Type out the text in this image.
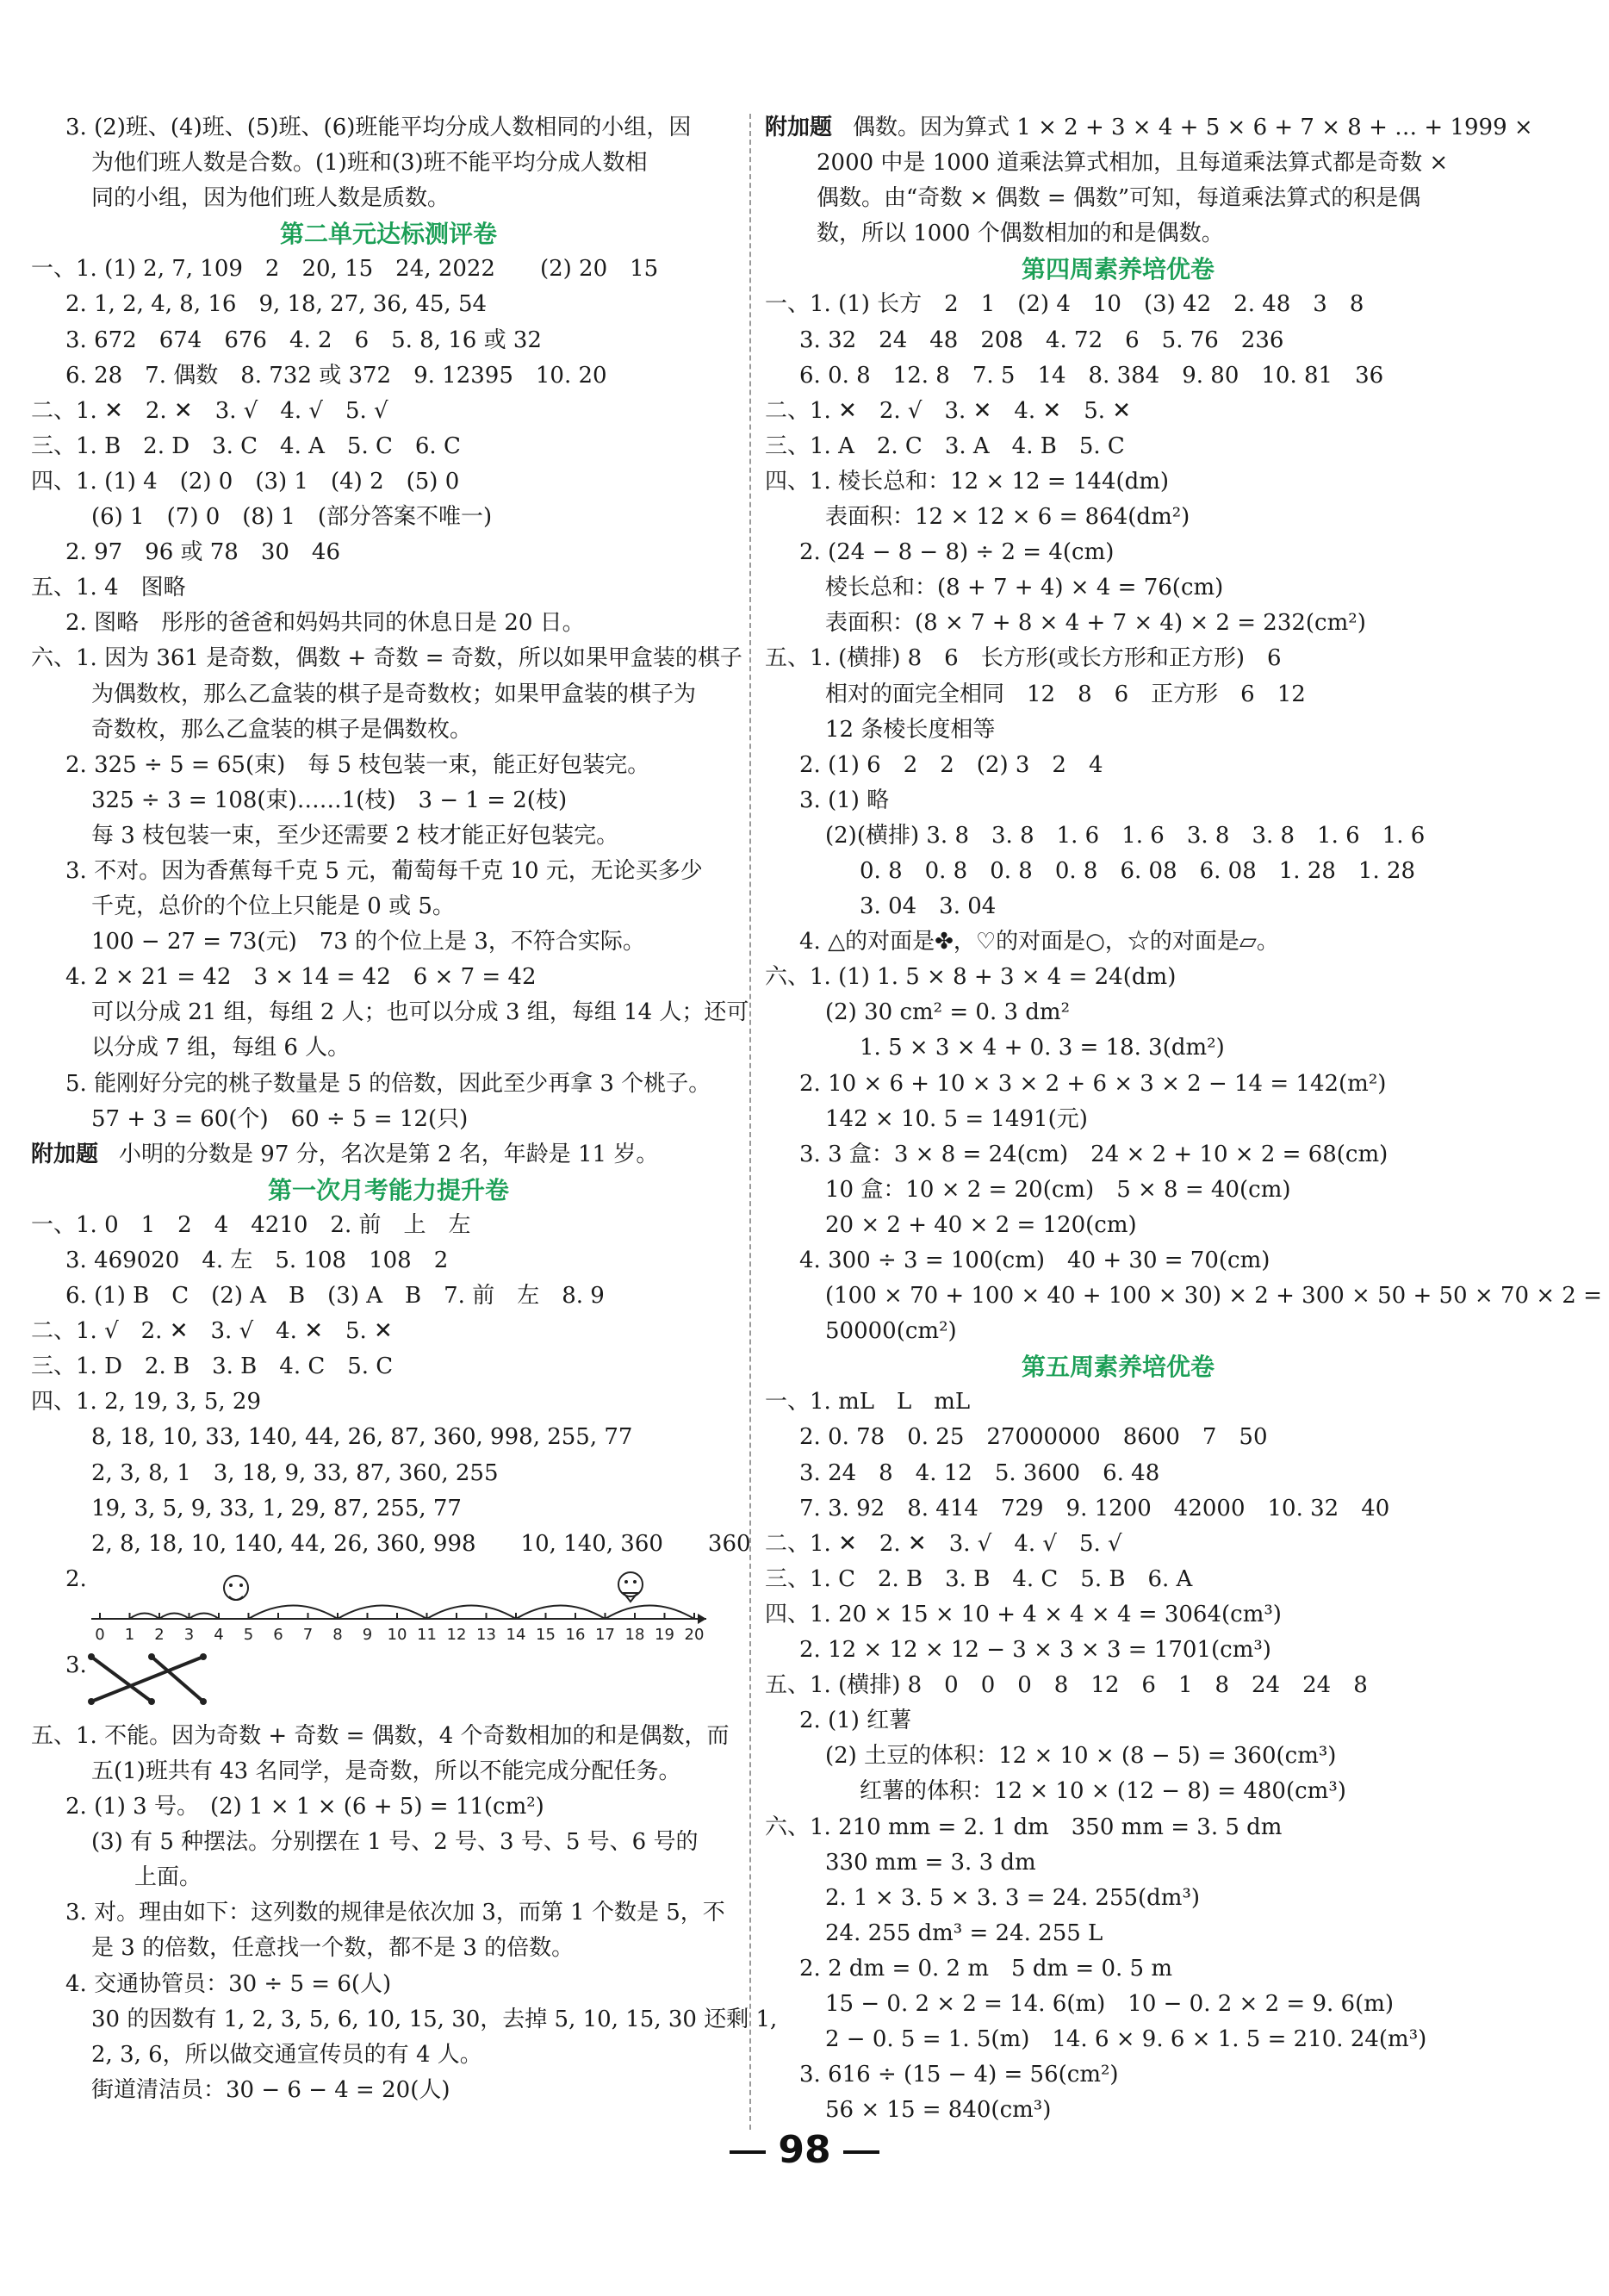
3. (2)班、(4)班、(5)班、(6)班能平均分成人数相同的小组，因
为他们班人数是合数。(1)班和(3)班不能平均分成人数相
同的小组，因为他们班人数是质数。
第二单元达标测评卷
一、1. (1) 2, 7, 109　2　20, 15　24, 2022　　(2) 20　15
2. 1, 2, 4, 8, 16　9, 18, 27, 36, 45, 54
3. 672　674　676　4. 2　6　5. 8, 16 或 32
6. 28　7. 偶数　8. 732 或 372　9. 12395　10. 20
二、1. ✕　2. ✕　3. √　4. √　5. √
三、1. B　2. D　3. C　4. A　5. C　6. C
四、1. (1) 4　(2) 0　(3) 1　(4) 2　(5) 0
(6) 1　(7) 0　(8) 1　(部分答案不唯一)
2. 97　96 或 78　30　46
五、1. 4　图略
2. 图略　彤彤的爸爸和妈妈共同的休息日是 20 日。
六、1. 因为 361 是奇数，偶数 + 奇数 = 奇数，所以如果甲盒装的棋子
为偶数枚，那么乙盒装的棋子是奇数枚；如果甲盒装的棋子为
奇数枚，那么乙盒装的棋子是偶数枚。
2. 325 ÷ 5 = 65(束)　每 5 枝包装一束，能正好包装完。
325 ÷ 3 = 108(束)……1(枝)　3 − 1 = 2(枝)
每 3 枝包装一束，至少还需要 2 枝才能正好包装完。
3. 不对。因为香蕉每千克 5 元，葡萄每千克 10 元，无论买多少
千克，总价的个位上只能是 0 或 5。
100 − 27 = 73(元)　73 的个位上是 3，不符合实际。
4. 2 × 21 = 42　3 × 14 = 42　6 × 7 = 42
可以分成 21 组，每组 2 人；也可以分成 3 组，每组 14 人；还可
以分成 7 组，每组 6 人。
5. 能刚好分完的桃子数量是 5 的倍数，因此至少再拿 3 个桃子。
57 + 3 = 60(个)　60 ÷ 5 = 12(只)
附加题 小明的分数是 97 分，名次是第 2 名，年龄是 11 岁。
第一次月考能力提升卷
一、1. 0　1　2　4　4210　2. 前　上　左
3. 469020　4. 左　5. 108　108　2
6. (1) B　C　(2) A　B　(3) A　B　7. 前　左　8. 9
二、1. √　2. ✕　3. √　4. ✕　5. ✕
三、1. D　2. B　3. B　4. C　5. C
四、1. 2, 19, 3, 5, 29
8, 18, 10, 33, 140, 44, 26, 87, 360, 998, 255, 77
2, 3, 8, 1　3, 18, 9, 33, 87, 360, 255
19, 3, 5, 9, 33, 1, 29, 87, 255, 77
2, 8, 18, 10, 140, 44, 26, 360, 998　　10, 140, 360　　360
2.
0 1 2 3 4 5 6 7 8 9 10 11 12 13 14 15 16 17 18 19 20
3.
五、1. 不能。因为奇数 + 奇数 = 偶数，4 个奇数相加的和是偶数，而
五(1)班共有 43 名同学，是奇数，所以不能完成分配任务。
2. (1) 3 号。　(2) 1 × 1 × (6 + 5) = 11(cm²)
(3) 有 5 种摆法。分别摆在 1 号、2 号、3 号、5 号、6 号的
上面。
3. 对。理由如下：这列数的规律是依次加 3，而第 1 个数是 5，不
是 3 的倍数，任意找一个数，都不是 3 的倍数。
4. 交通协管员：30 ÷ 5 = 6(人)
30 的因数有 1, 2, 3, 5, 6, 10, 15, 30，去掉 5, 10, 15, 30 还剩 1,
2, 3, 6，所以做交通宣传员的有 4 人。
街道清洁员：30 − 6 − 4 = 20(人)
附加题 偶数。因为算式 1 × 2 + 3 × 4 + 5 × 6 + 7 × 8 + … + 1999 ×
2000 中是 1000 道乘法算式相加，且每道乘法算式都是奇数 ×
偶数。由“奇数 × 偶数 = 偶数”可知，每道乘法算式的积是偶
数，所以 1000 个偶数相加的和是偶数。
第四周素养培优卷
一、1. (1) 长方　2　1　(2) 4　10　(3) 42　2. 48　3　8
3. 32　24　48　208　4. 72　6　5. 76　236
6. 0. 8　12. 8　7. 5　14　8. 384　9. 80　10. 81　36
二、1. ✕　2. √　3. ✕　4. ✕　5. ✕
三、1. A　2. C　3. A　4. B　5. C
四、1. 棱长总和：12 × 12 = 144(dm)
表面积：12 × 12 × 6 = 864(dm²)
2. (24 − 8 − 8) ÷ 2 = 4(cm)
棱长总和：(8 + 7 + 4) × 4 = 76(cm)
表面积：(8 × 7 + 8 × 4 + 7 × 4) × 2 = 232(cm²)
五、1. (横排) 8　6　长方形(或长方形和正方形)　6
相对的面完全相同　12　8　6　正方形　6　12
12 条棱长度相等
2. (1) 6　2　2　(2) 3　2　4
3. (1) 略
(2)(横排) 3. 8　3. 8　1. 6　1. 6　3. 8　3. 8　1. 6　1. 6
0. 8　0. 8　0. 8　0. 8　6. 08　6. 08　1. 28　1. 28
3. 04　3. 04
4. △的对面是✤，♡的对面是○，☆的对面是▱。
六、1. (1) 1. 5 × 8 + 3 × 4 = 24(dm)
(2) 30 cm² = 0. 3 dm²
1. 5 × 3 × 4 + 0. 3 = 18. 3(dm²)
2. 10 × 6 + 10 × 3 × 2 + 6 × 3 × 2 − 14 = 142(m²)
142 × 10. 5 = 1491(元)
3. 3 盒：3 × 8 = 24(cm)　24 × 2 + 10 × 2 = 68(cm)
10 盒：10 × 2 = 20(cm)　5 × 8 = 40(cm)
20 × 2 + 40 × 2 = 120(cm)
4. 300 ÷ 3 = 100(cm)　40 + 30 = 70(cm)
(100 × 70 + 100 × 40 + 100 × 30) × 2 + 300 × 50 + 50 × 70 × 2 =
50000(cm²)
第五周素养培优卷
一、1. mL　L　mL
2. 0. 78　0. 25　27000000　8600　7　50
3. 24　8　4. 12　5. 3600　6. 48
7. 3. 92　8. 414　729　9. 1200　42000　10. 32　40
二、1. ✕　2. ✕　3. √　4. √　5. √
三、1. C　2. B　3. B　4. C　5. B　6. A
四、1. 20 × 15 × 10 + 4 × 4 × 4 = 3064(cm³)
2. 12 × 12 × 12 − 3 × 3 × 3 = 1701(cm³)
五、1. (横排) 8　0　0　0　8　12　6　1　8　24　24　8
2. (1) 红薯
(2) 土豆的体积：12 × 10 × (8 − 5) = 360(cm³)
红薯的体积：12 × 10 × (12 − 8) = 480(cm³)
六、1. 210 mm = 2. 1 dm　350 mm = 3. 5 dm
330 mm = 3. 3 dm
2. 1 × 3. 5 × 3. 3 = 24. 255(dm³)
24. 255 dm³ = 24. 255 L
2. 2 dm = 0. 2 m　5 dm = 0. 5 m
15 − 0. 2 × 2 = 14. 6(m)　10 − 0. 2 × 2 = 9. 6(m)
2 − 0. 5 = 1. 5(m)　14. 6 × 9. 6 × 1. 5 = 210. 24(m³)
3. 616 ÷ (15 − 4) = 56(cm²)
56 × 15 = 840(cm³)
98
